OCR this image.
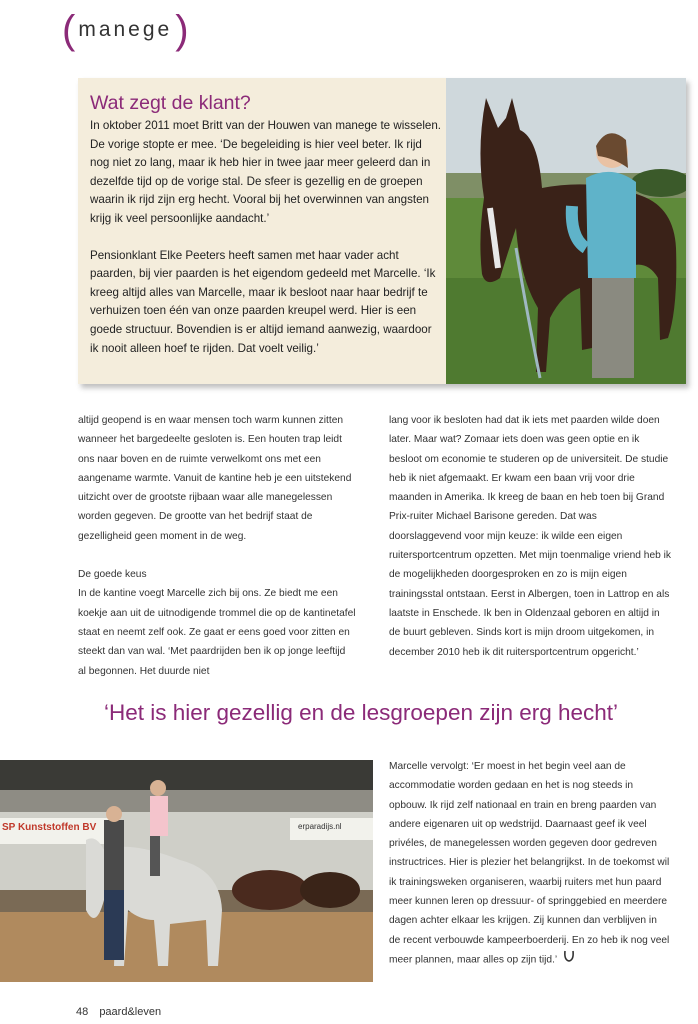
( manege )
Wat zegt de klant?

In oktober 2011 moet Britt van der Houwen van manege te wisselen. De vorige stopte er mee. ‘De begeleiding is hier veel beter. Ik rijd nog niet zo lang, maar ik heb hier in twee jaar meer geleerd dan in dezelfde tijd op de vorige stal. De sfeer is gezellig en de groepen waarin ik rijd zijn erg hecht. Vooral bij het overwinnen van angsten krijg ik veel persoonlijke aandacht.’

Pensionklant Elke Peeters heeft samen met haar vader acht paarden, bij vier paarden is het eigendom gedeeld met Marcelle. ‘Ik kreeg altijd alles van Marcelle, maar ik besloot naar haar bedrijf te verhuizen toen één van onze paarden kreupel werd. Hier is een goede structuur. Bovendien is er altijd iemand aanwezig, waardoor ik nooit alleen hoef te rijden. Dat voelt veilig.’

altijd geopend is en waar mensen toch warm kunnen zitten wanneer het bargedeelte gesloten is. Een houten trap leidt ons naar boven en de ruimte verwelkomt ons met een aangename warmte. Vanuit de kantine heb je een uitstekend uitzicht over de grootste rijbaan waar alle manegelessen worden gegeven. De grootte van het bedrijf staat de gezelligheid geen moment in de weg.

De goede keus

In de kantine voegt Marcelle zich bij ons. Ze biedt me een koekje aan uit de uitnodigende trommel die op de kantinetafel staat en neemt zelf ook. Ze gaat er eens goed voor zitten en steekt dan van wal. ‘Met paardrijden ben ik op jonge leeftijd al begonnen. Het duurde niet

lang voor ik besloten had dat ik iets met paarden wilde doen later. Maar wat? Zomaar iets doen was geen optie en ik besloot om economie te studeren op de universiteit. De studie heb ik niet afgemaakt. Er kwam een baan vrij voor drie maanden in Amerika. Ik kreeg de baan en heb toen bij Grand Prix-ruiter Michael Barisone gereden. Dat was doorslaggevend voor mijn keuze: ik wilde een eigen ruitersportcentrum opzetten. Met mijn toenmalige vriend heb ik de mogelijkheden doorgesproken en zo is mijn eigen trainingsstal ontstaan. Eerst in Albergen, toen in Lattrop en als laatste in Enschede. Ik ben in Oldenzaal geboren en altijd in de buurt gebleven. Sinds kort is mijn droom uitgekomen, in december 2010 heb ik dit ruitersportcentrum opgericht.’

‘Het is hier gezellig en de lesgroepen zijn erg hecht’
SP Kunststoffen BV	erparadijs.nl

Marcelle vervolgt: ‘Er moest in het begin veel aan de accommodatie worden gedaan en het is nog steeds in opbouw. Ik rijd zelf nationaal en train en breng paarden van andere eigenaren uit op wedstrijd. Daarnaast geef ik veel privéles, de manegelessen worden gegeven door gedreven instructrices. Hier is plezier het belangrijkst. In de toekomst wil ik trainingsweken organiseren, waarbij ruiters met hun paard meer kunnen leren op dressuur- of springgebied en meerdere dagen achter elkaar les krijgen. Zij kunnen dan verblijven in de recent verbouwde kampeerboerderij. En zo heb ik nog veel meer plannen, maar alles op zijn tijd.’

48 paard&leven
